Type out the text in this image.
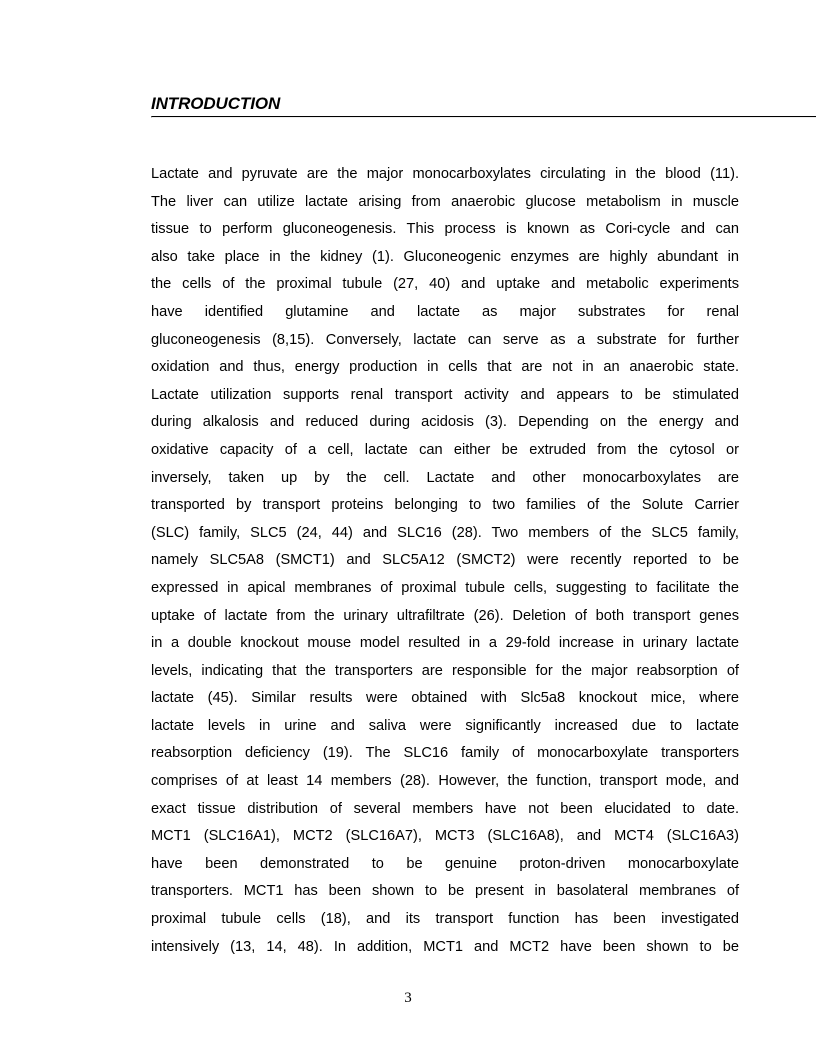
INTRODUCTION

Lactate and pyruvate are the major monocarboxylates circulating in the blood (11).
The liver can utilize lactate arising from anaerobic glucose metabolism in muscle
tissue to perform gluconeogenesis. This process is known as Cori-cycle and can
also take place in the kidney (1). Gluconeogenic enzymes are highly abundant in
the cells of the proximal tubule (27, 40) and uptake and metabolic experiments
have identified glutamine and lactate as major substrates for renal
gluconeogenesis (8,15). Conversely, lactate can serve as a substrate for further
oxidation and thus, energy production in cells that are not in an anaerobic state.
Lactate utilization supports renal transport activity and appears to be stimulated
during alkalosis and reduced during acidosis (3). Depending on the energy and
oxidative capacity of a cell, lactate can either be extruded from the cytosol or
inversely, taken up by the cell. Lactate and other monocarboxylates are
transported by transport proteins belonging to two families of the Solute Carrier
(SLC) family, SLC5 (24, 44) and SLC16 (28). Two members of the SLC5 family,
namely SLC5A8 (SMCT1) and SLC5A12 (SMCT2) were recently reported to be
expressed in apical membranes of proximal tubule cells, suggesting to facilitate the
uptake of lactate from the urinary ultrafiltrate (26). Deletion of both transport genes
in a double knockout mouse model resulted in a 29-fold increase in urinary lactate
levels, indicating that the transporters are responsible for the major reabsorption of
lactate (45). Similar results were obtained with Slc5a8 knockout mice, where
lactate levels in urine and saliva were significantly increased due to lactate
reabsorption deficiency (19). The SLC16 family of monocarboxylate transporters
comprises of at least 14 members (28). However, the function, transport mode, and
exact tissue distribution of several members have not been elucidated to date.
MCT1 (SLC16A1), MCT2 (SLC16A7), MCT3 (SLC16A8), and MCT4 (SLC16A3)
have been demonstrated to be genuine proton-driven monocarboxylate
transporters. MCT1 has been shown to be present in basolateral membranes of
proximal tubule cells (18), and its transport function has been investigated
intensively (13, 14, 48). In addition, MCT1 and MCT2 have been shown to be

3
